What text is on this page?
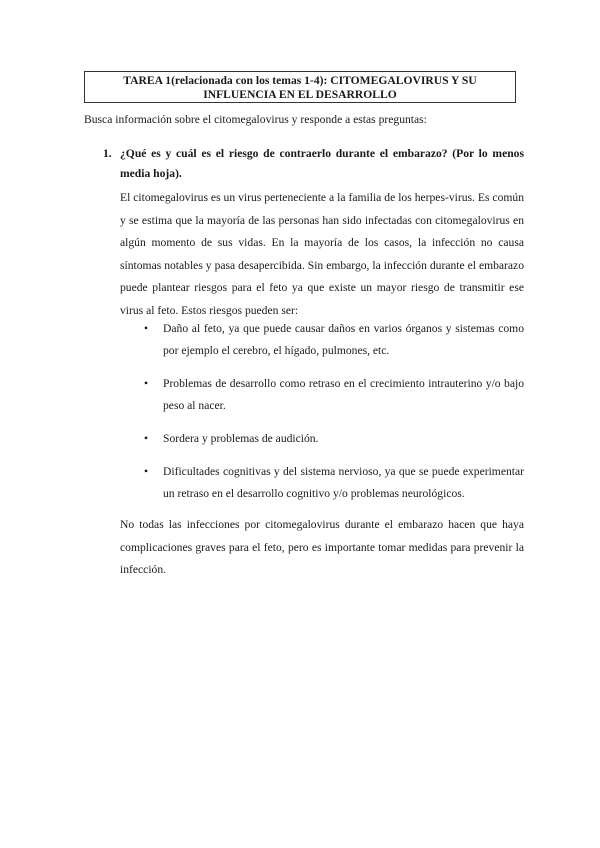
TAREA 1(relacionada con los temas 1-4): CITOMEGALOVIRUS Y SU
INFLUENCIA EN EL DESARROLLO
Busca información sobre el citomegalovirus y responde a estas preguntas:
1. ¿Qué es y cuál es el riesgo de contraerlo durante el embarazo? (Por lo menos media hoja).
El citomegalovirus es un virus perteneciente a la familia de los herpes-virus. Es común y se estima que la mayoría de las personas han sido infectadas con citomegalovirus en algún momento de sus vidas. En la mayoría de los casos, la infección no causa síntomas notables y pasa desapercibida. Sin embargo, la infección durante el embarazo puede plantear riesgos para el feto ya que existe un mayor riesgo de transmitir ese virus al feto. Estos riesgos pueden ser:
• Daño al feto, ya que puede causar daños en varios órganos y sistemas como por ejemplo el cerebro, el hígado, pulmones, etc.
• Problemas de desarrollo como retraso en el crecimiento intrauterino y/o bajo peso al nacer.
• Sordera y problemas de audición.
• Dificultades cognitivas y del sistema nervioso, ya que se puede experimentar un retraso en el desarrollo cognitivo y/o problemas neurológicos.
No todas las infecciones por citomegalovirus durante el embarazo hacen que haya complicaciones graves para el feto, pero es importante tomar medidas para prevenir la infección.
